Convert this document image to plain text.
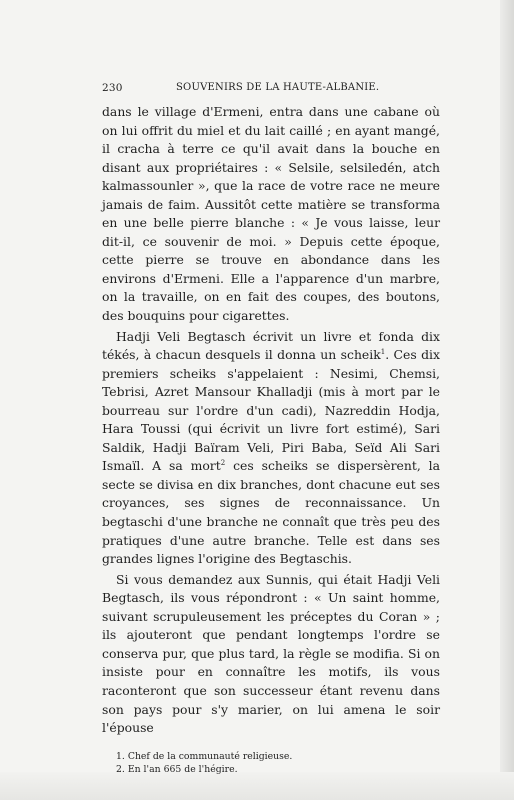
230	SOUVENIRS DE LA HAUTE-ALBANIE.

dans le village d'Ermeni, entra dans une cabane où on lui offrit du miel et du lait caillé ; en ayant mangé, il cracha à terre ce qu'il avait dans la bouche en disant aux propriétaires : « Selsile, selsiledén, atch kalmassounler », que la race de votre race ne meure jamais de faim. Aussitôt cette matière se transforma en une belle pierre blanche : « Je vous laisse, leur dit-il, ce souvenir de moi. » Depuis cette époque, cette pierre se trouve en abondance dans les environs d'Ermeni. Elle a l'apparence d'un marbre, on la travaille, on en fait des coupes, des boutons, des bouquins pour cigarettes.

Hadji Veli Begtasch écrivit un livre et fonda dix tékés, à chacun desquels il donna un scheik$^1$. Ces dix premiers scheiks s'appelaient : Nesimi, Chemsi, Tebrisi, Azret Mansour Khalladji (mis à mort par le bourreau sur l'ordre d'un cadi), Nazreddin Hodja, Hara Toussi (qui écrivit un livre fort estimé), Sari Saldik, Hadji Baïram Veli, Piri Baba, Seïd Ali Sari Ismaïl. A sa mort$^2$ ces scheiks se dispersèrent, la secte se divisa en dix branches, dont chacune eut ses croyances, ses signes de reconnaissance. Un begtaschi d'une branche ne connaît que très peu des pratiques d'une autre branche. Telle est dans ses grandes lignes l'origine des Begtaschis.

Si vous demandez aux Sunnis, qui était Hadji Veli Begtasch, ils vous répondront : « Un saint homme, suivant scrupuleusement les préceptes du Coran » ; ils ajouteront que pendant longtemps l'ordre se conserva pur, que plus tard, la règle se modifia. Si on insiste pour en connaître les motifs, ils vous raconteront que son successeur étant revenu dans son pays pour s'y marier, on lui amena le soir l'épouse

1. Chef de la communauté religieuse.
2. En l'an 665 de l'hégire.
